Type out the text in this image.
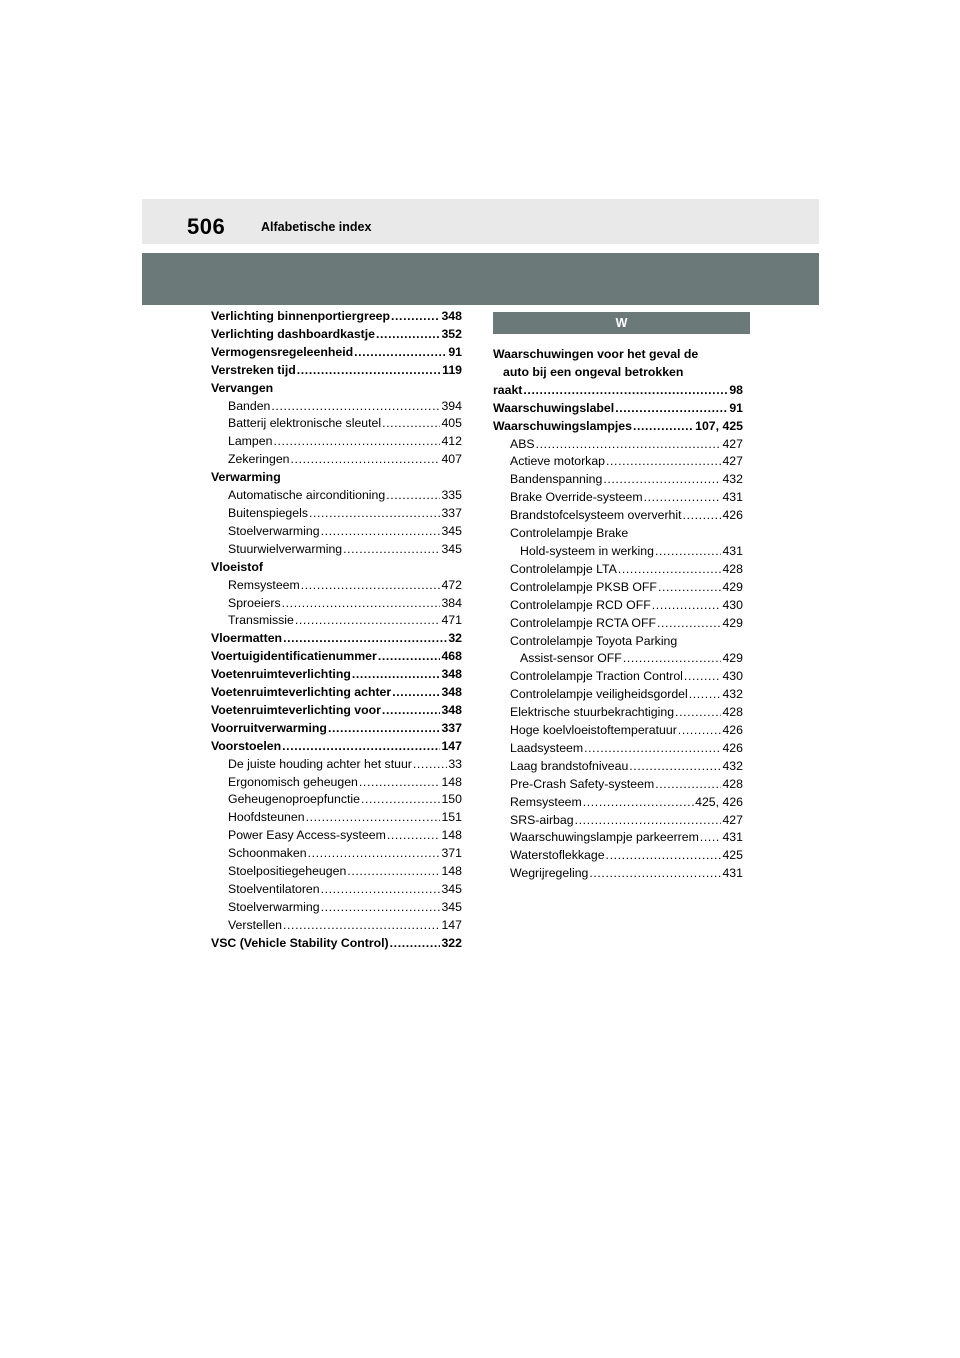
506	Alfabetische index
Verlichting binnenportiergreep .....	348
Verlichting dashboardkastje .....	352
Vermogensregeleenheid .....	91
Verstreken tijd .....	119
Vervangen
Banden .....	394
Batterij elektronische sleutel .....	405
Lampen .....	412
Zekeringen .....	407
Verwarming
Automatische airconditioning .....	335
Buitenspiegels .....	337
Stoelverwarming .....	345
Stuurwielverwarming .....	345
Vloeistof
Remsysteem .....	472
Sproeiers .....	384
Transmissie .....	471
Vloermatten .....	32
Voertuigidentificatienummer .....	468
Voetenruimteverlichting .....	348
Voetenruimteverlichting achter .....	348
Voetenruimteverlichting voor .....	348
Voorruitverwarming .....	337
Voorstoelen .....	147
De juiste houding achter het stuur .....	33
Ergonomisch geheugen .....	148
Geheugenoproepfunctie .....	150
Hoofdsteunen .....	151
Power Easy Access-systeem .....	148
Schoonmaken .....	371
Stoelpositiegeheugen .....	148
Stoelventilatoren .....	345
Stoelverwarming .....	345
Verstellen .....	147
VSC (Vehicle Stability Control) .....	322
W
Waarschuwingen voor het geval de
auto bij een ongeval betrokken
raakt .....	98
Waarschuwingslabel .....	91
Waarschuwingslampjes .....	107, 425
ABS .....	427
Actieve motorkap .....	427
Bandenspanning .....	432
Brake Override-systeem .....	431
Brandstofcelsysteem oververhit .....	426
Controlelampje Brake
Hold-systeem in werking .....	431
Controlelampje LTA .....	428
Controlelampje PKSB OFF .....	429
Controlelampje RCD OFF .....	430
Controlelampje RCTA OFF .....	429
Controlelampje Toyota Parking
Assist-sensor OFF .....	429
Controlelampje Traction Control .....	430
Controlelampje veiligheidsgordel .....	432
Elektrische stuurbekrachtiging .....	428
Hoge koelvloeistoftemperatuur .....	426
Laadsysteem .....	426
Laag brandstofniveau .....	432
Pre-Crash Safety-systeem .....	428
Remsysteem .....	425, 426
SRS-airbag .....	427
Waarschuwingslampje parkeerrem ..... 431
Waterstoflekkage .....	425
Wegrijregeling .....	431
